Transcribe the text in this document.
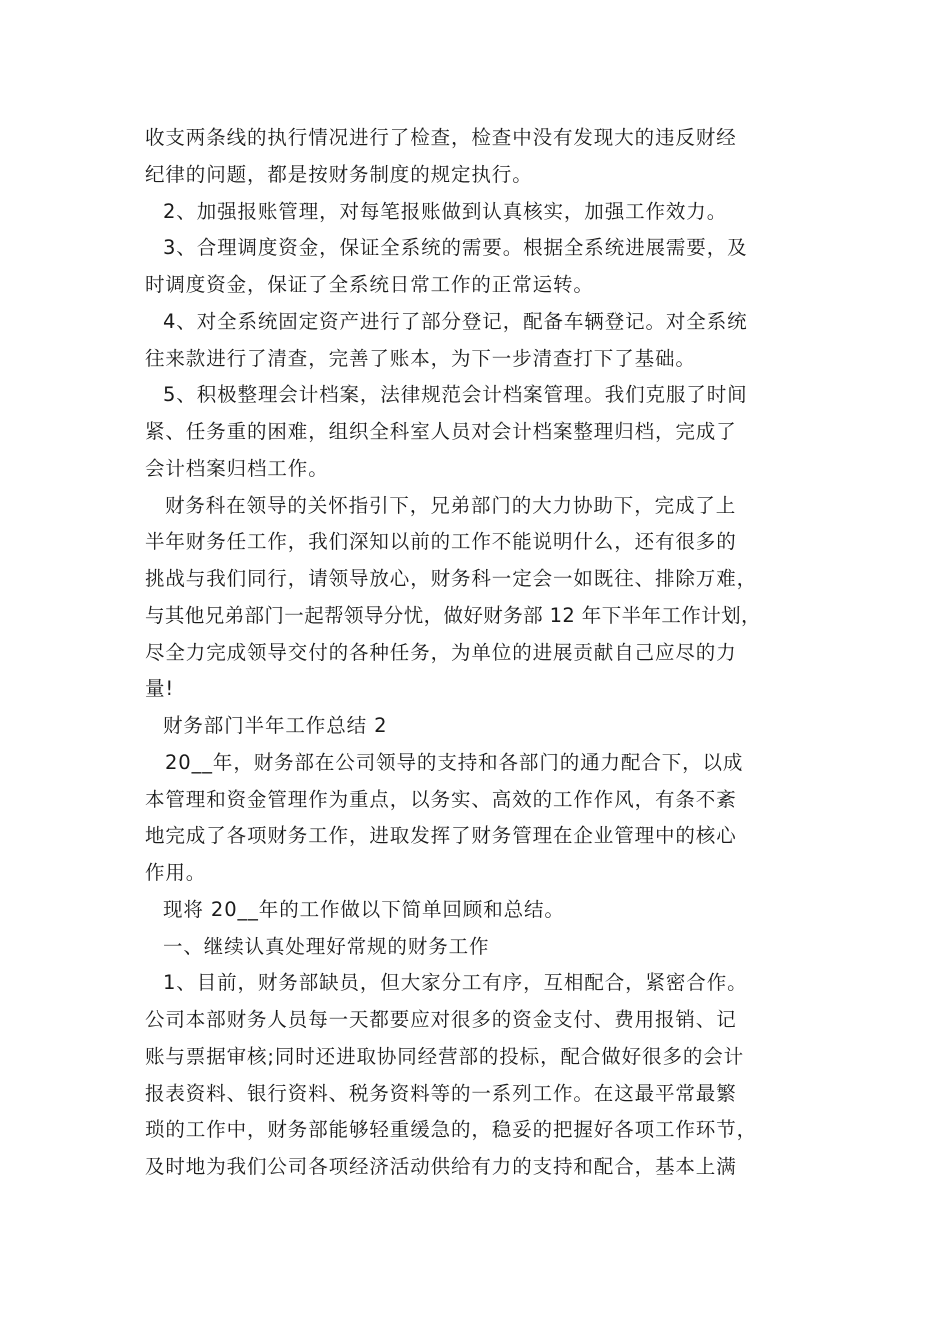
收支两条线的执行情况进行了检查，检查中没有发现大的违反财经
纪律的问题，都是按财务制度的规定执行。
2、加强报账管理，对每笔报账做到认真核实，加强工作效力。
3、合理调度资金，保证全系统的需要。根据全系统进展需要，及
时调度资金，保证了全系统日常工作的正常运转。
4、对全系统固定资产进行了部分登记，配备车辆登记。对全系统
往来款进行了清查，完善了账本，为下一步清查打下了基础。
5、积极整理会计档案，法律规范会计档案管理。我们克服了时间
紧、任务重的困难，组织全科室人员对会计档案整理归档，完成了
会计档案归档工作。
财务科在领导的关怀指引下，兄弟部门的大力协助下，完成了上
半年财务任工作，我们深知以前的工作不能说明什么，还有很多的
挑战与我们同行，请领导放心，财务科一定会一如既往、排除万难，
与其他兄弟部门一起帮领导分忧，做好财务部 12 年下半年工作计划，
尽全力完成领导交付的各种任务，为单位的进展贡献自己应尽的力
量!
财务部门半年工作总结 2
20__年，财务部在公司领导的支持和各部门的通力配合下，以成
本管理和资金管理作为重点，以务实、高效的工作作风，有条不紊
地完成了各项财务工作，进取发挥了财务管理在企业管理中的核心
作用。
现将 20__年的工作做以下简单回顾和总结。
一、继续认真处理好常规的财务工作
1、目前，财务部缺员，但大家分工有序，互相配合，紧密合作。
公司本部财务人员每一天都要应对很多的资金支付、费用报销、记
账与票据审核;同时还进取协同经营部的投标，配合做好很多的会计
报表资料、银行资料、税务资料等的一系列工作。在这最平常最繁
琐的工作中，财务部能够轻重缓急的，稳妥的把握好各项工作环节，
及时地为我们公司各项经济活动供给有力的支持和配合，基本上满
